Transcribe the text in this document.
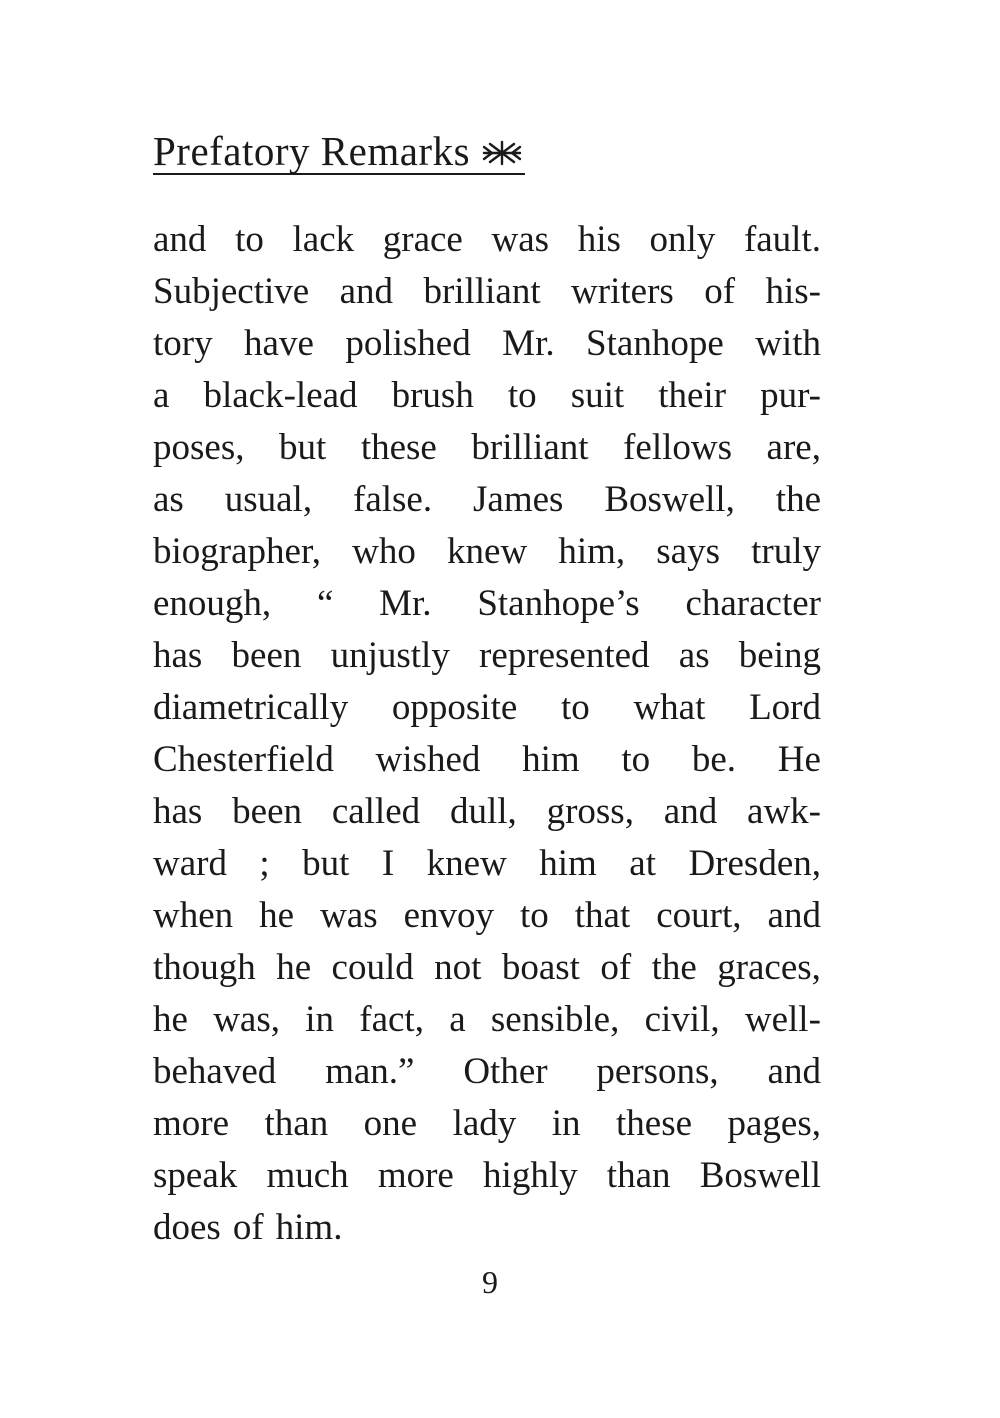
Prefatory Remarks
and to lack grace was his only fault.
Subjective and brilliant writers of his-
tory have polished Mr. Stanhope with
a black-lead brush to suit their pur-
poses, but these brilliant fellows are,
as usual, false. James Boswell, the
biographer, who knew him, says truly
enough, “ Mr. Stanhope’s character
has been unjustly represented as being
diametrically opposite to what Lord
Chesterfield wished him to be. He
has been called dull, gross, and awk-
ward ; but I knew him at Dresden,
when he was envoy to that court, and
though he could not boast of the graces,
he was, in fact, a sensible, civil, well-
behaved man.” Other persons, and
more than one lady in these pages,
speak much more highly than Boswell
does of him.
9
